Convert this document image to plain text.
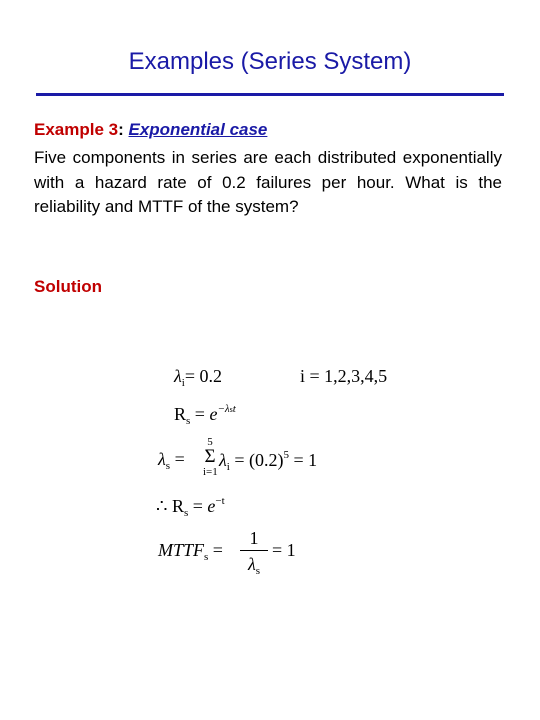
Examples (Series System)
Example 3: Exponential case
Five components in series are each distributed exponentially with a hazard rate of 0.2 failures per hour. What is the reliability and MTTF of the system?
Solution
$\lambda_i= 0.2$	i = 1,2,3,4,5
$R_s = e^{-\lambda st}$
$\lambda_s$ =
5
Σ
i=1
$\lambda_i = (0.2)^5 = 1$
∴ $R_s = e^{-t}$
$MTTF_s$ =
1
$\lambda_s$
= 1
